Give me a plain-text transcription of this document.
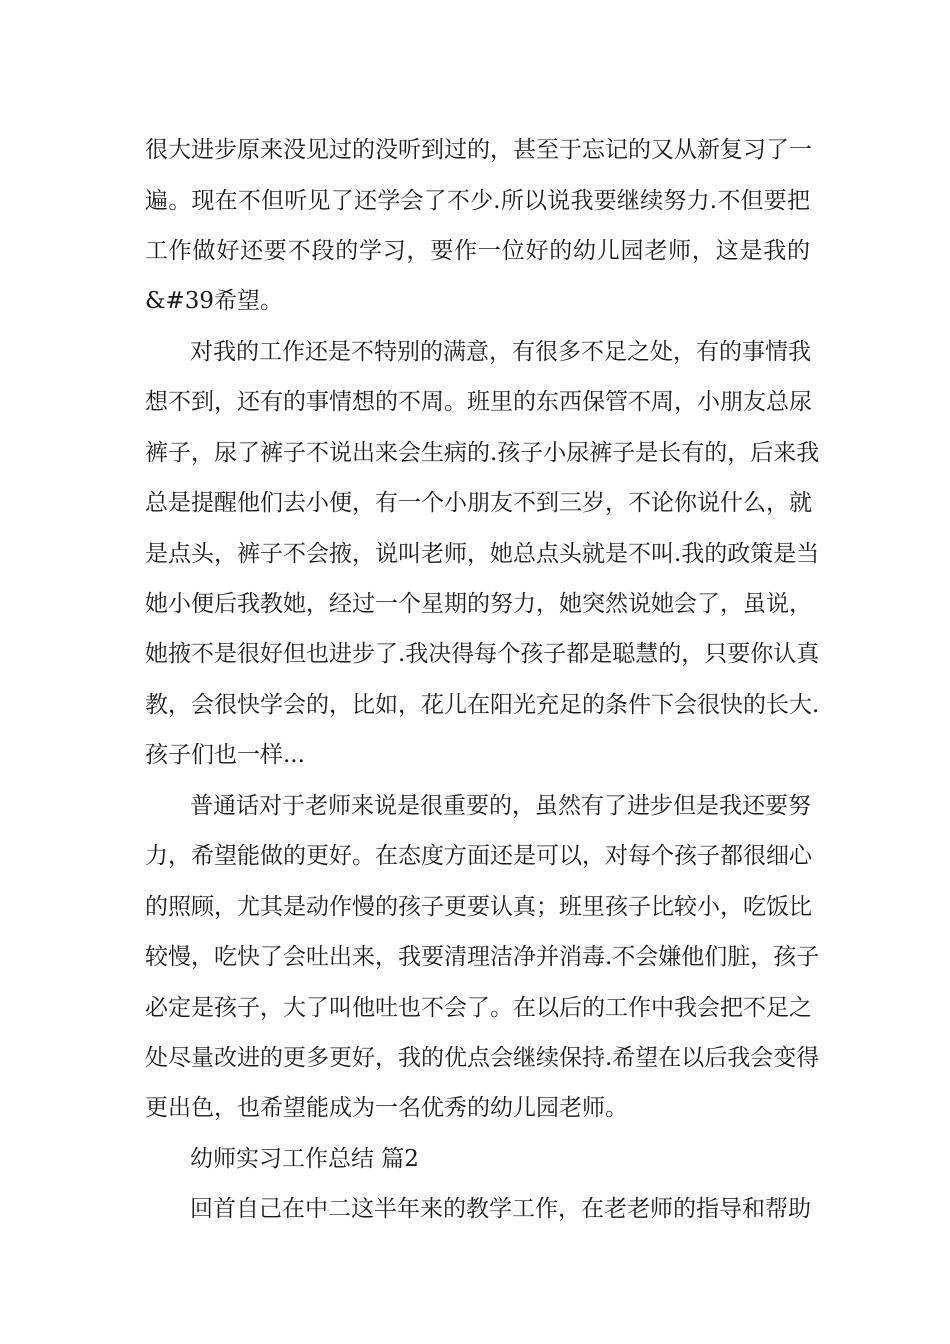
很大进步原来没见过的没听到过的，甚至于忘记的又从新复习了一
遍。现在不但听见了还学会了不少.所以说我要继续努力.不但要把
工作做好还要不段的学习，要作一位好的幼儿园老师，这是我的
&#39希望。
对我的工作还是不特别的满意，有很多不足之处，有的事情我
想不到，还有的事情想的不周。班里的东西保管不周，小朋友总尿
裤子，尿了裤子不说出来会生病的.孩子小尿裤子是长有的，后来我
总是提醒他们去小便，有一个小朋友不到三岁，不论你说什么，就
是点头，裤子不会掖，说叫老师，她总点头就是不叫.我的政策是当
她小便后我教她，经过一个星期的努力，她突然说她会了，虽说，
她掖不是很好但也进步了.我决得每个孩子都是聪慧的，只要你认真
教，会很快学会的，比如，花儿在阳光充足的条件下会很快的长大.
孩子们也一样...
普通话对于老师来说是很重要的，虽然有了进步但是我还要努
力，希望能做的更好。在态度方面还是可以，对每个孩子都很细心
的照顾，尤其是动作慢的孩子更要认真；班里孩子比较小，吃饭比
较慢，吃快了会吐出来，我要清理洁净并消毒.不会嫌他们脏，孩子
必定是孩子，大了叫他吐也不会了。在以后的工作中我会把不足之
处尽量改进的更多更好，我的优点会继续保持.希望在以后我会变得
更出色，也希望能成为一名优秀的幼儿园老师。
幼师实习工作总结 篇2
回首自己在中二这半年来的教学工作，在老老师的指导和帮助
